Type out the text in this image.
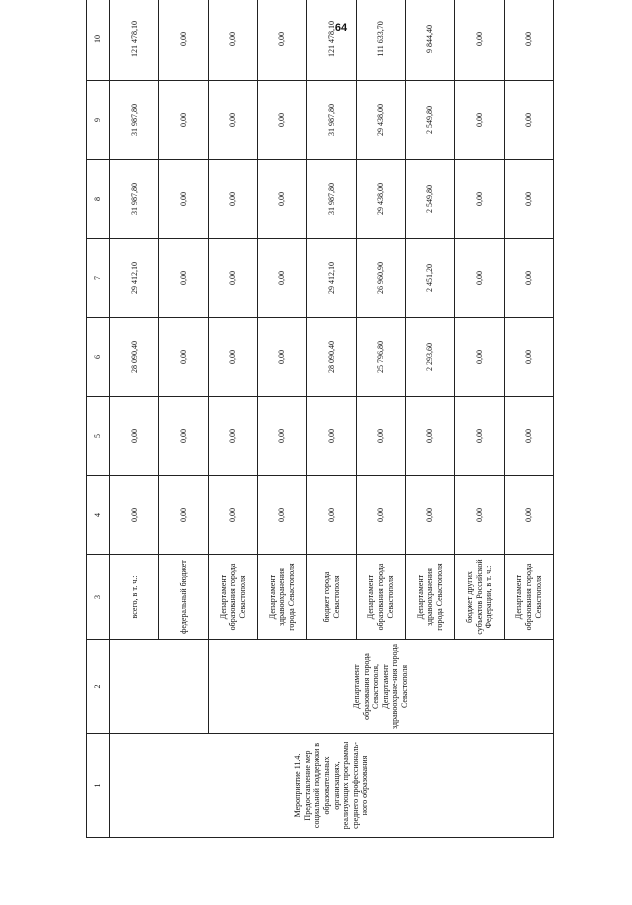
64
1	2	3	4	5	6	7	8	9	10
Мероприятие 11.4. Предоставление мер социальной поддержки в образовательных организациях, реализующих программы среднего профессиональ-ного образования		всего, в т. ч.:	0,00	0,00	28 090,40	29 412,10	31 987,80	31 987,80	121 478,10
		федеральный бюджет	0,00	0,00	0,00	0,00	0,00	0,00	0,00
	Департамент образования города Севастополя, Департамент здравоохране-ния города Севастополя	Департамент образования города Севастополя	0,00	0,00	0,00	0,00	0,00	0,00	0,00
		Департамент здравоохранения города Севастополя	0,00	0,00	0,00	0,00	0,00	0,00	0,00
		бюджет города Севастополя	0,00	0,00	28 090,40	29 412,10	31 987,80	31 987,80	121 478,10
		Департамент образования города Севастополя	0,00	0,00	25 796,80	26 960,90	29 438,00	29 438,00	111 633,70
		Департамент здравоохранения города Севастополя	0,00	0,00	2 293,60	2 451,20	2 549,80	2 549,80	9 844,40
		бюджет других субъектов Российской Федерации, в т. ч.:	0,00	0,00	0,00	0,00	0,00	0,00	0,00
		Департамент образования города Севастополя	0,00	0,00	0,00	0,00	0,00	0,00	0,00
